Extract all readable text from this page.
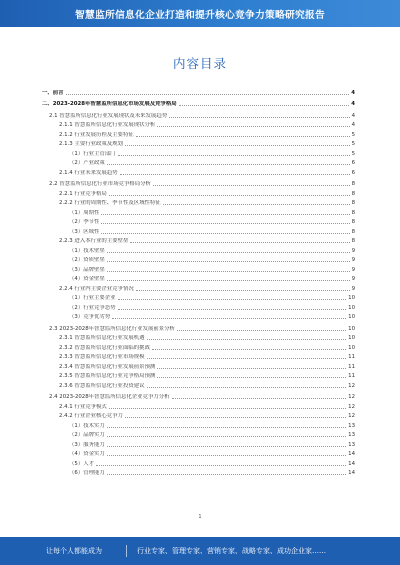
智慧监所信息化企业打造和提升核心竞争力策略研究报告
内容目录
一、前言	4
二、2023-2028年智慧监所信息化市场发展及竞争格局	4
2.1 智慧监所信息化行业发展现状及未来发展趋势	4
2.1.1 智慧监所信息化行业发展现状分析	4
2.1.2 行业发展历程及主要特征	5
2.1.3 主要行业政策及规划	5
（1）行业主管部门	5
（2）产业政策	6
2.1.4 行业未来发展趋势	6
2.2 智慧监所信息化行业市场竞争格局分析	8
2.2.1 行业竞争格局	8
2.2.2 行业的周期性、季节性及区域性特征	8
（1）周期性	8
（2）季节性	8
（3）区域性	8
2.2.3 进入本行业的主要壁垒	8
（1）技术壁垒	9
（2）资质壁垒	9
（3）品牌壁垒	9
（4）资金壁垒	9
2.2.4 行业内主要企业竞争情况	9
（1）行业主要企业	10
（2）行业竞争态势	10
（3）竞争优劣势	10
2.3 2023-2028年智慧监所信息化行业发展前景分析	10
2.3.1 智慧监所信息化行业发展机遇	10
2.3.2 智慧监所信息化行业面临的挑战	10
2.3.3 智慧监所信息化行业市场规模	11
2.3.4 智慧监所信息化行业发展前景预测	11
2.3.5 智慧监所信息化行业竞争格局预测	11
2.3.6 智慧监所信息化行业投资建议	12
2.4 2023-2028年智慧监所信息化企业竞争力分析	12
2.4.1 行业竞争模式	12
2.4.2 行业企业核心竞争力	12
（1）技术实力	13
（2）品牌实力	13
（3）服务能力	13
（4）资金实力	14
（5）人才	14
（6）管理能力	14
1
让每个人都能成为	行业专家、管理专家、营销专家、战略专家、成功企业家……
